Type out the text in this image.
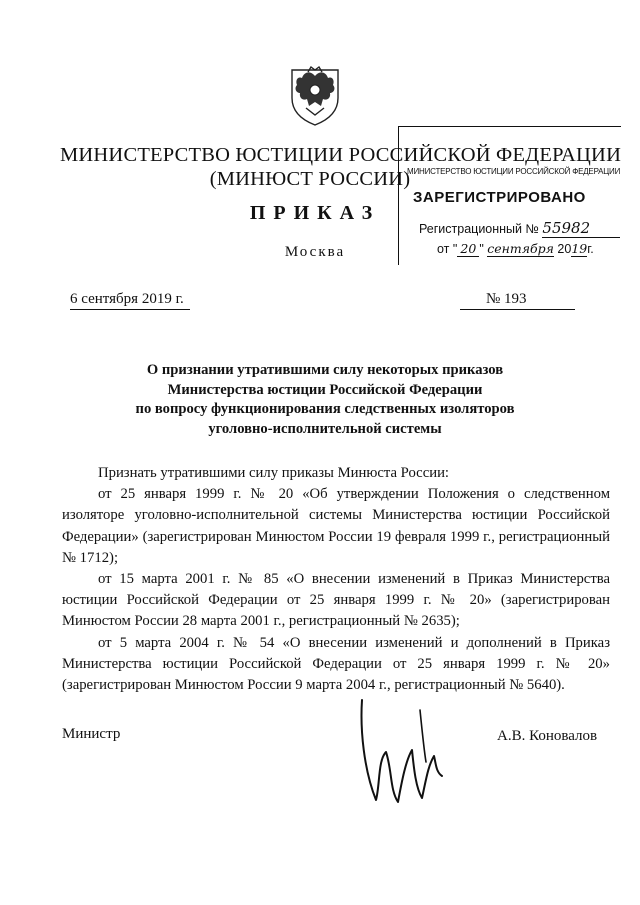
МИНИСТЕРСТВО ЮСТИЦИИ РОССИЙСКОЙ ФЕДЕРАЦИИ
(МИНЮСТ РОССИИ)
МИНИСТЕРСТВО ЮСТИЦИИ РОССИЙСКОЙ ФЕДЕРАЦИИ
ЗАРЕГИСТРИРОВАНО
Регистрационный № 55982
от " 20 " сентября 2019г.
ПРИКАЗ
Москва
6 сентября 2019 г.	№ 193
О признании утратившими силу некоторых приказов
Министерства юстиции Российской Федерации
по вопросу функционирования следственных изоляторов
уголовно-исполнительной системы

Признать утратившими силу приказы Минюста России:

от 25 января 1999 г. № 20 «Об утверждении Положения о следственном изоляторе уголовно-исполнительной системы Министерства юстиции Российской Федерации» (зарегистрирован Минюстом России 19 февраля 1999 г., регистрационный № 1712);

от 15 марта 2001 г. № 85 «О внесении изменений в Приказ Министерства юстиции Российской Федерации от 25 января 1999 г. № 20» (зарегистрирован Минюстом России 28 марта 2001 г., регистрационный № 2635);

от 5 марта 2004 г. № 54 «О внесении изменений и дополнений в Приказ Министерства юстиции Российской Федерации от 25 января 1999 г. № 20» (зарегистрирован Минюстом России 9 марта 2004 г., регистрационный № 5640).

Министр	А.В. Коновалов
